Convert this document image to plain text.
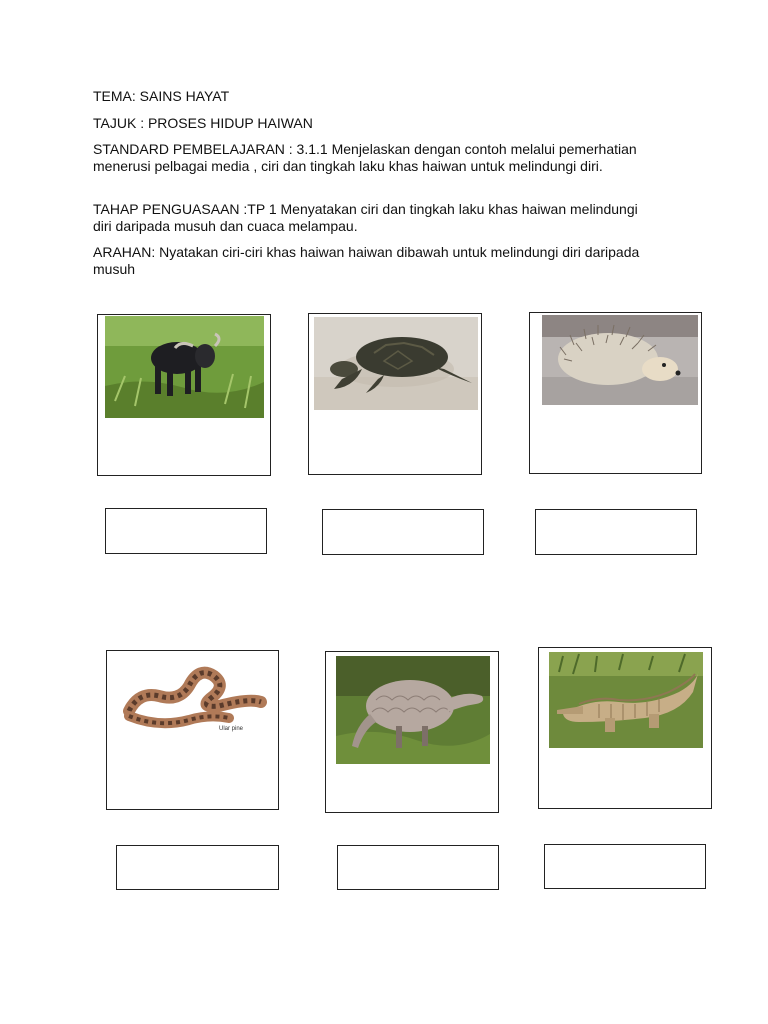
TEMA: SAINS HAYAT

TAJUK : PROSES HIDUP HAIWAN

STANDARD PEMBELAJARAN : 3.1.1 Menjelaskan dengan contoh melalui pemerhatian menerusi pelbagai media , ciri dan tingkah laku khas haiwan untuk melindungi diri.

TAHAP PENGUASAAN :TP 1 Menyatakan ciri dan tingkah laku khas haiwan melindungi diri daripada musuh dan cuaca melampau.

ARAHAN: Nyatakan ciri-ciri khas haiwan haiwan dibawah untuk melindungi diri daripada musuh

Ular pine
